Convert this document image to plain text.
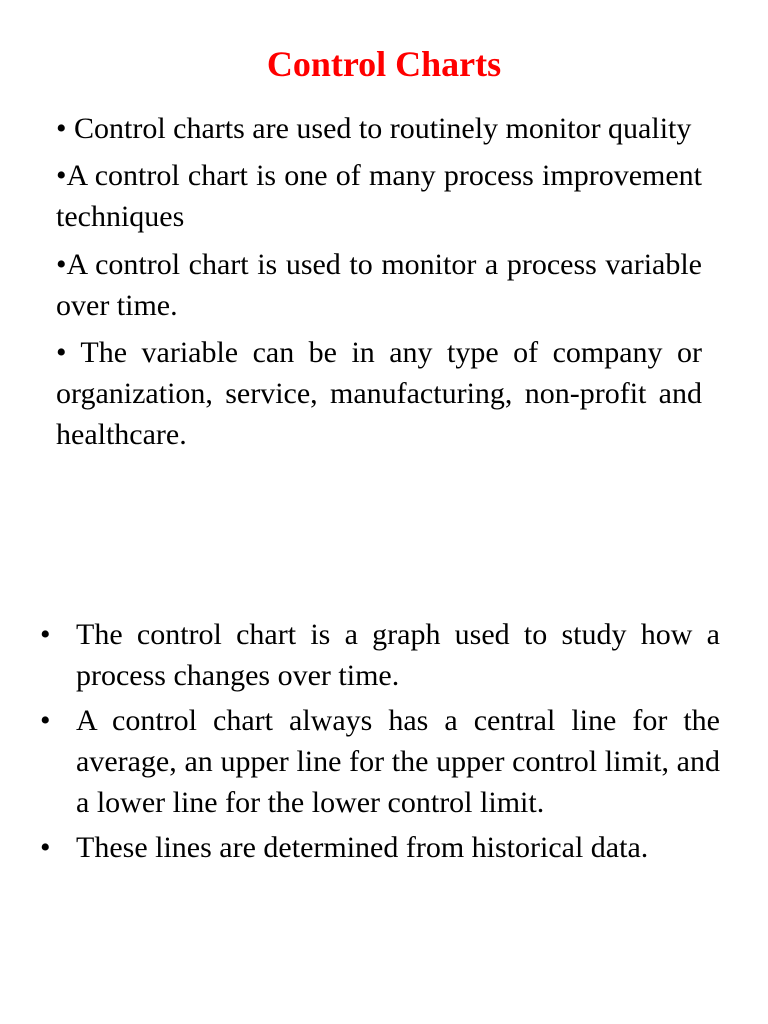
Control Charts

• Control charts are used to routinely monitor quality

•A control chart is one of many process improvement techniques

•A control chart is used to monitor a process variable over time.

• The variable can be in any type of company or organization, service, manufacturing, non-profit and healthcare.

• The control chart is a graph used to study how a process changes over time.
• A control chart always has a central line for the average, an upper line for the upper control limit, and a lower line for the lower control limit.
• These lines are determined from historical data.
